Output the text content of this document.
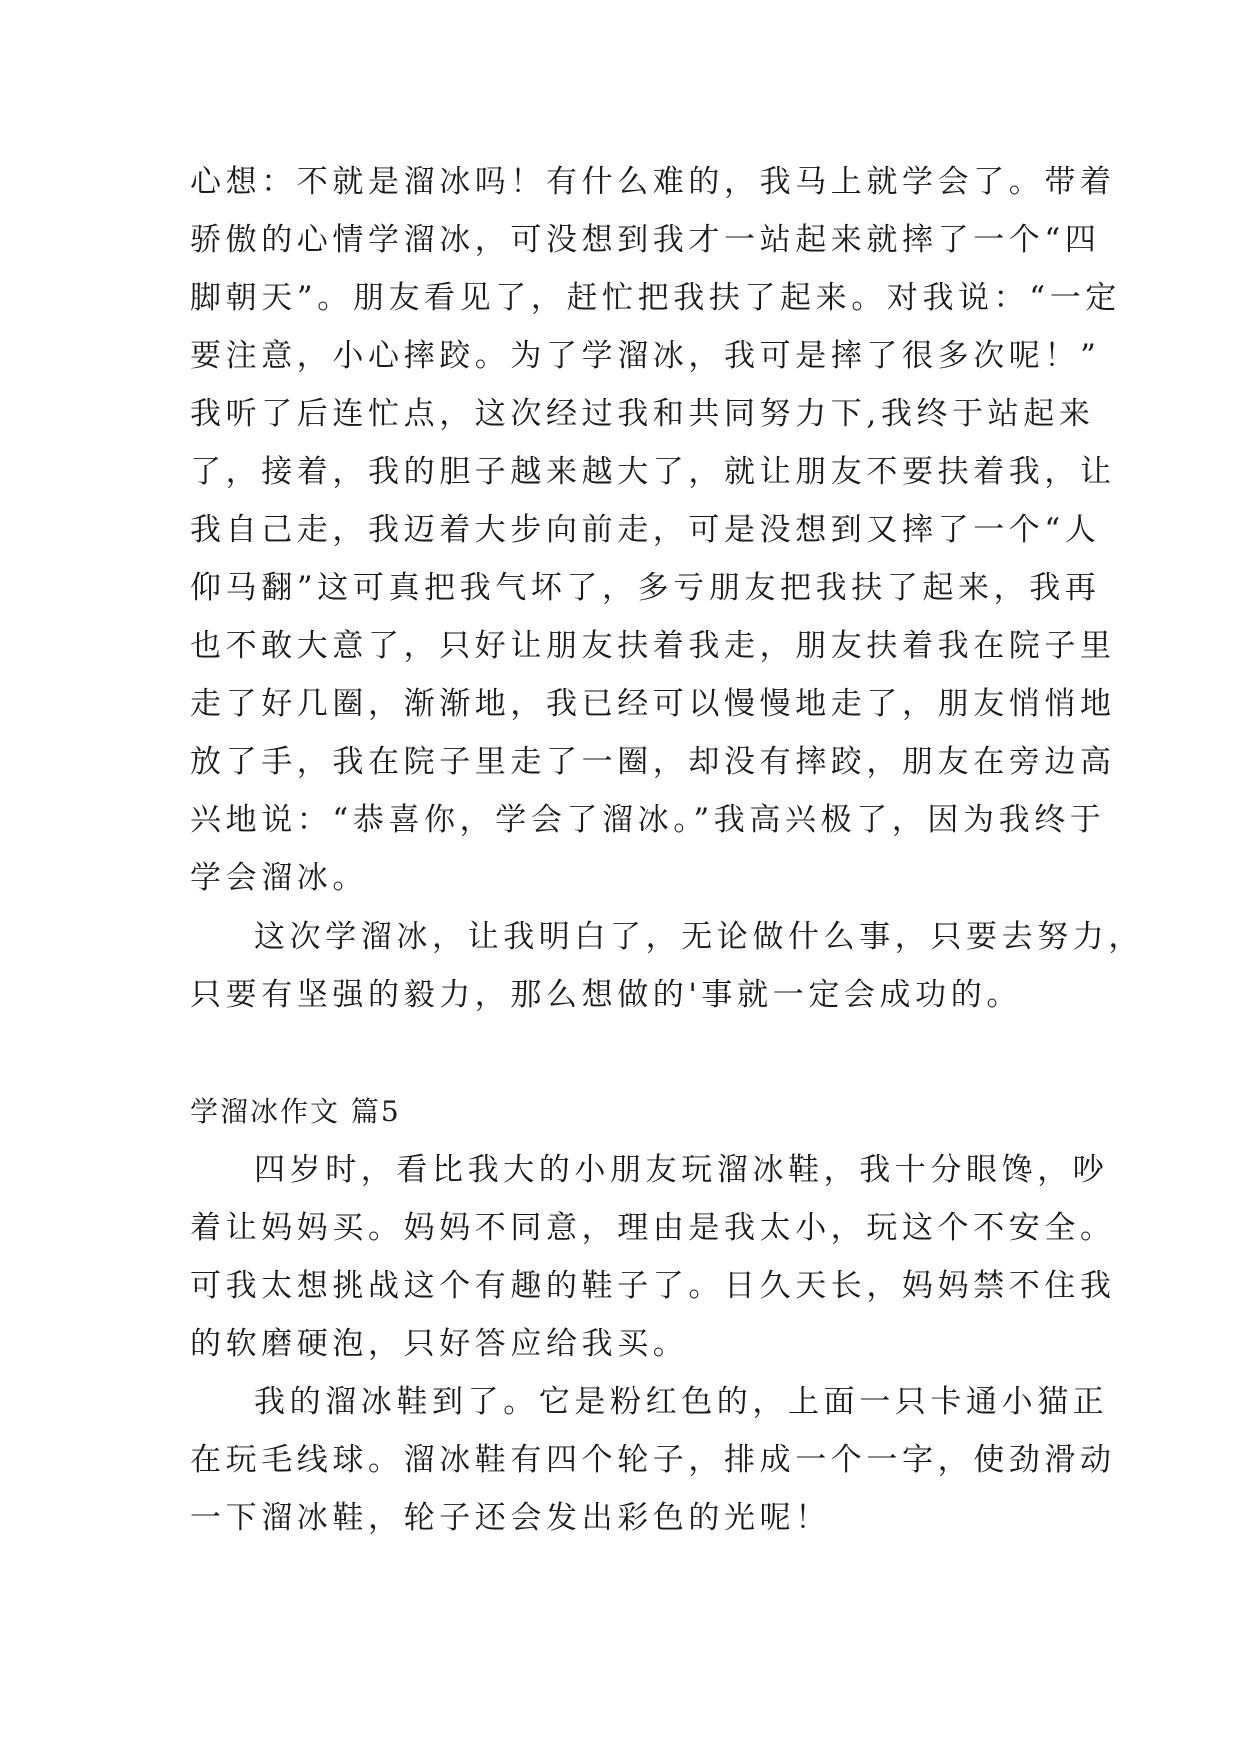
心想：不就是溜冰吗！有什么难的，我马上就学会了。带着
骄傲的心情学溜冰，可没想到我才一站起来就摔了一个“四
脚朝天”。朋友看见了，赶忙把我扶了起来。对我说：“一定
要注意，小心摔跤。为了学溜冰，我可是摔了很多次呢！”
我听了后连忙点，这次经过我和共同努力下,我终于站起来
了，接着，我的胆子越来越大了，就让朋友不要扶着我，让
我自己走，我迈着大步向前走，可是没想到又摔了一个“人
仰马翻”这可真把我气坏了，多亏朋友把我扶了起来，我再
也不敢大意了，只好让朋友扶着我走，朋友扶着我在院子里
走了好几圈，渐渐地，我已经可以慢慢地走了，朋友悄悄地
放了手，我在院子里走了一圈，却没有摔跤，朋友在旁边高
兴地说：“恭喜你，学会了溜冰。”我高兴极了，因为我终于
学会溜冰。
这次学溜冰，让我明白了，无论做什么事，只要去努力，
只要有坚强的毅力，那么想做的'事就一定会成功的。
学溜冰作文 篇5
四岁时，看比我大的小朋友玩溜冰鞋，我十分眼馋，吵
着让妈妈买。妈妈不同意，理由是我太小，玩这个不安全。
可我太想挑战这个有趣的鞋子了。日久天长，妈妈禁不住我
的软磨硬泡，只好答应给我买。
我的溜冰鞋到了。它是粉红色的，上面一只卡通小猫正
在玩毛线球。溜冰鞋有四个轮子，排成一个一字，使劲滑动
一下溜冰鞋，轮子还会发出彩色的光呢！
